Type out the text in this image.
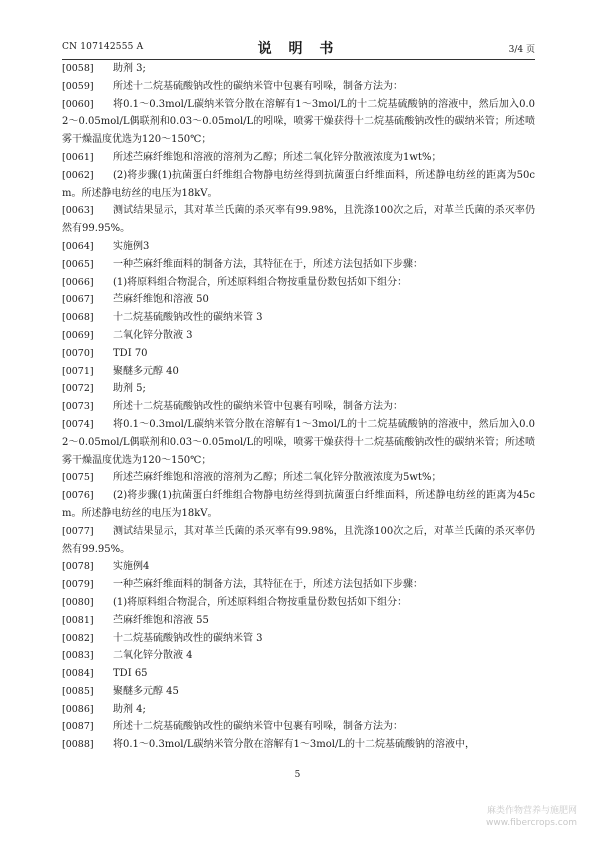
CN 107142555 A	说 明 书	3/4 页
[0058]	助剂 3;
[0059]	所述十二烷基硫酸钠改性的碳纳米管中包裹有吲哚，制备方法为：
[0060]	将0.1～0.3mol/L碳纳米管分散在溶解有1～3mol/L的十二烷基硫酸钠的溶液中，然后加入0.02～0.05mol/L偶联剂和0.03～0.05mol/L的吲哚，喷雾干燥获得十二烷基硫酸钠改性的碳纳米管；所述喷雾干燥温度优选为120～150℃；
[0061]	所述苎麻纤维饱和溶液的溶剂为乙醇；所述二氧化锌分散液浓度为1wt%；
[0062]	(2)将步骤(1)抗菌蛋白纤维组合物静电纺丝得到抗菌蛋白纤维面料，所述静电纺丝的距离为50cm。所述静电纺丝的电压为18kV。
[0063]	测试结果显示，其对革兰氏菌的杀灭率有99.98%，且洗涤100次之后，对革兰氏菌的杀灭率仍然有99.95%。
[0064]	实施例3
[0065]	一种苎麻纤维面料的制备方法，其特征在于，所述方法包括如下步骤：
[0066]	(1)将原料组合物混合，所述原料组合物按重量份数包括如下组分：
[0067]	苎麻纤维饱和溶液 50
[0068]	十二烷基硫酸钠改性的碳纳米管 3
[0069]	二氧化锌分散液 3
[0070]	TDI 70
[0071]	聚醚多元醇 40
[0072]	助剂 5;
[0073]	所述十二烷基硫酸钠改性的碳纳米管中包裹有吲哚，制备方法为：
[0074]	将0.1～0.3mol/L碳纳米管分散在溶解有1～3mol/L的十二烷基硫酸钠的溶液中，然后加入0.02～0.05mol/L偶联剂和0.03～0.05mol/L的吲哚，喷雾干燥获得十二烷基硫酸钠改性的碳纳米管；所述喷雾干燥温度优选为120～150℃；
[0075]	所述苎麻纤维饱和溶液的溶剂为乙醇；所述二氧化锌分散液浓度为5wt%；
[0076]	(2)将步骤(1)抗菌蛋白纤维组合物静电纺丝得到抗菌蛋白纤维面料，所述静电纺丝的距离为45cm。所述静电纺丝的电压为18kV。
[0077]	测试结果显示，其对革兰氏菌的杀灭率有99.98%，且洗涤100次之后，对革兰氏菌的杀灭率仍然有99.95%。
[0078]	实施例4
[0079]	一种苎麻纤维面料的制备方法，其特征在于，所述方法包括如下步骤：
[0080]	(1)将原料组合物混合，所述原料组合物按重量份数包括如下组分：
[0081]	苎麻纤维饱和溶液 55
[0082]	十二烷基硫酸钠改性的碳纳米管 3
[0083]	二氧化锌分散液 4
[0084]	TDI 65
[0085]	聚醚多元醇 45
[0086]	助剂 4;
[0087]	所述十二烷基硫酸钠改性的碳纳米管中包裹有吲哚，制备方法为：
[0088]	将0.1～0.3mol/L碳纳米管分散在溶解有1～3mol/L的十二烷基硫酸钠的溶液中，
5
麻类作物营养与施肥网
www.fibercrops.com
